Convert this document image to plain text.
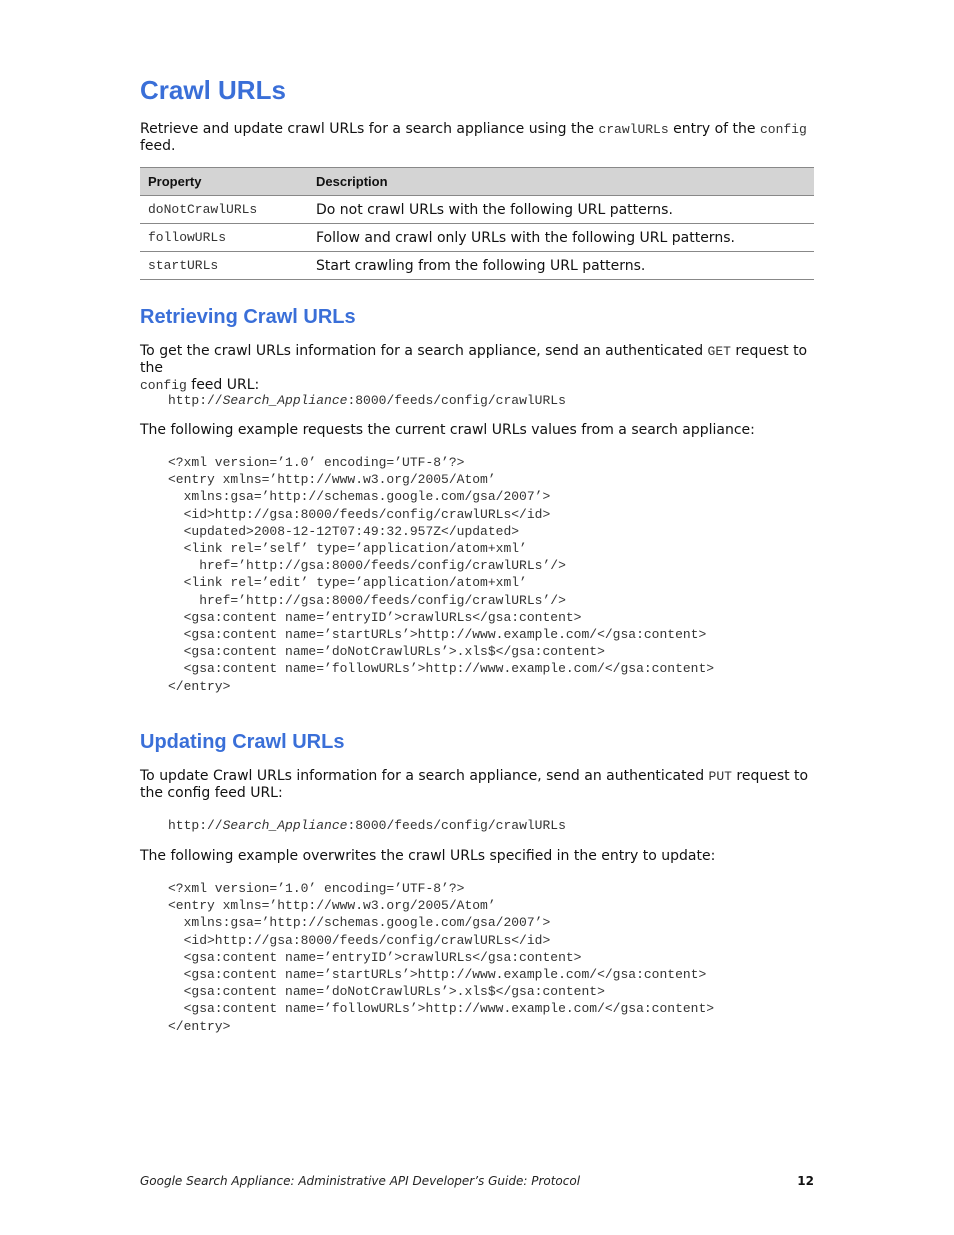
Crawl URLs

Retrieve and update crawl URLs for a search appliance using the crawlURLs entry of the config feed.

Property	Description
doNotCrawlURLs	Do not crawl URLs with the following URL patterns.
followURLs	Follow and crawl only URLs with the following URL patterns.
startURLs	Start crawling from the following URL patterns.
Retrieving Crawl URLs

To get the crawl URLs information for a search appliance, send an authenticated GET request to the
config feed URL:

http://Search_Appliance:8000/feeds/config/crawlURLs

The following example requests the current crawl URLs values from a search appliance:

<?xml version=’1.0’ encoding=’UTF-8’?>
<entry xmlns=’http://www.w3.org/2005/Atom’
xmlns:gsa=’http://schemas.google.com/gsa/2007’>
<id>http://gsa:8000/feeds/config/crawlURLs</id>
<updated>2008-12-12T07:49:32.957Z</updated>
<link rel=’self’ type=’application/atom+xml’
href=’http://gsa:8000/feeds/config/crawlURLs’/>
<link rel=’edit’ type=’application/atom+xml’
href=’http://gsa:8000/feeds/config/crawlURLs’/>
<gsa:content name=’entryID’>crawlURLs</gsa:content>
<gsa:content name=’startURLs’>http://www.example.com/</gsa:content>
<gsa:content name=’doNotCrawlURLs’>.xls$</gsa:content>
<gsa:content name=’followURLs’>http://www.example.com/</gsa:content>
</entry>
Updating Crawl URLs

To update Crawl URLs information for a search appliance, send an authenticated PUT request to the config feed URL:

http://Search_Appliance:8000/feeds/config/crawlURLs

The following example overwrites the crawl URLs specified in the entry to update:

<?xml version=’1.0’ encoding=’UTF-8’?>
<entry xmlns=’http://www.w3.org/2005/Atom’
xmlns:gsa=’http://schemas.google.com/gsa/2007’>
<id>http://gsa:8000/feeds/config/crawlURLs</id>
<gsa:content name=’entryID’>crawlURLs</gsa:content>
<gsa:content name=’startURLs’>http://www.example.com/</gsa:content>
<gsa:content name=’doNotCrawlURLs’>.xls$</gsa:content>
<gsa:content name=’followURLs’>http://www.example.com/</gsa:content>
</entry>
Google Search Appliance: Administrative API Developer’s Guide: Protocol	12
